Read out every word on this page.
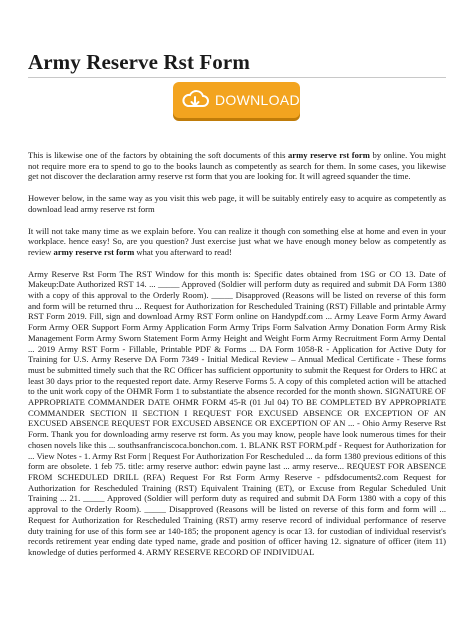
Army Reserve Rst Form
DOWNLOAD

This is likewise one of the factors by obtaining the soft documents of this army reserve rst form by online. You might not require more era to spend to go to the books launch as competently as search for them. In some cases, you likewise get not discover the declaration army reserve rst form that you are looking for. It will agreed squander the time.

However below, in the same way as you visit this web page, it will be suitably entirely easy to acquire as competently as download lead army reserve rst form

It will not take many time as we explain before. You can realize it though con something else at home and even in your workplace. hence easy! So, are you question? Just exercise just what we have enough money below as competently as review army reserve rst form what you afterward to read!

Army Reserve Rst Form The RST Window for this month is: Specific dates obtained from 1SG or CO 13. Date of Makeup:Date Authorized RST 14. ... _____ Approved (Soldier will perform duty as required and submit DA Form 1380 with a copy of this approval to the Orderly Room). _____ Disapproved (Reasons will be listed on reverse of this form and form will be returned thru ... Request for Authorization for Rescheduled Training (RST) Fillable and printable Army RST Form 2019. Fill, sign and download Army RST Form online on Handypdf.com ... Army Leave Form Army Award Form Army OER Support Form Army Application Form Army Trips Form Salvation Army Donation Form Army Risk Management Form Army Sworn Statement Form Army Height and Weight Form Army Recruitment Form Army Dental ... 2019 Army RST Form - Fillable, Printable PDF & Forms ... DA Form 1058-R - Application for Active Duty for Training for U.S. Army Reserve DA Form 7349 - Initial Medical Review – Annual Medical Certificate - These forms must be submitted timely such that the RC Officer has sufficient opportunity to submit the Request for Orders to HRC at least 30 days prior to the requested report date. Army Reserve Forms 5. A copy of this completed action will be attached to the unit work copy of the OHMR Form 1 to substantiate the absence recorded for the month shown. SIGNATURE OF APPROPRIATE COMMANDER DATE OHMR FORM 45-R (01 Jul 04) TO BE COMPLETED BY APPROPRIATE COMMANDER SECTION II SECTION I REQUEST FOR EXCUSED ABSENCE OR EXCEPTION OF AN EXCUSED ABSENCE REQUEST FOR EXCUSED ABSENCE OR EXCEPTION OF AN ... - Ohio Army Reserve Rst Form. Thank you for downloading army reserve rst form. As you may know, people have look numerous times for their chosen novels like this ... southsanfranciscoca.bonchon.com. 1. BLANK RST FORM.pdf - Request for Authorization for ... View Notes - 1. Army Rst Form | Request For Authorization For Rescheduled ... da form 1380 previous editions of this form are obsolete. 1 feb 75. title: army reserve author: edwin payne last ... army reserve... REQUEST FOR ABSENCE FROM SCHEDULED DRILL (RFA) Request For Rst Form Army Reserve - pdfsdocuments2.com Request for Authorization for Rescheduled Training (RST) Equivalent Training (ET), or Excuse from Regular Scheduled Unit Training ... 21. _____ Approved (Soldier will perform duty as required and submit DA Form 1380 with a copy of this approval to the Orderly Room). _____ Disapproved (Reasons will be listed on reverse of this form and form will ... Request for Authorization for Rescheduled Training (RST) army reserve record of individual performance of reserve duty training for use of this form see ar 140-185; the proponent agency is ocar 13. for custodian of individual reservist's records retirement year ending date typed name, grade and position of officer having 12. signature of officer (item 11) knowledge of duties performed 4. ARMY RESERVE RECORD OF INDIVIDUAL
